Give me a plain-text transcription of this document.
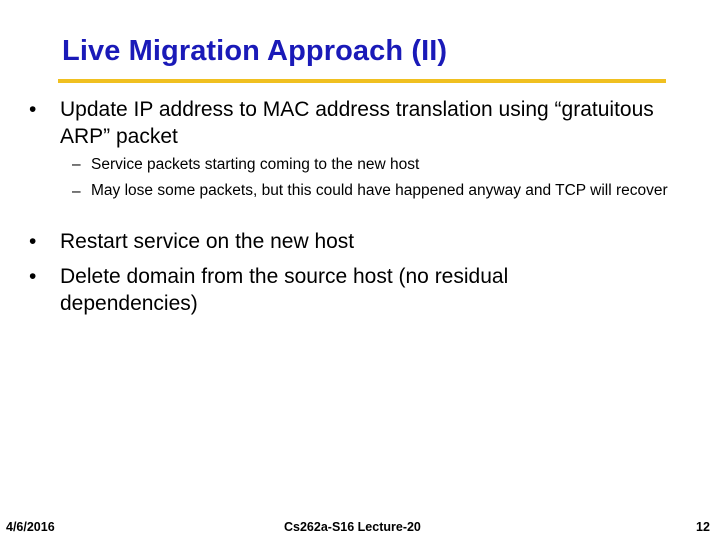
Live Migration Approach (II)
•	Update IP address to MAC address translation using “gratuitous ARP” packet
– Service packets starting coming to the new host
– May lose some packets, but this could have happened anyway and TCP will recover
•	Restart service on the new host
•	Delete domain from the source host (no residual dependencies)
4/6/2016	Cs262a-S16 Lecture-20	12
